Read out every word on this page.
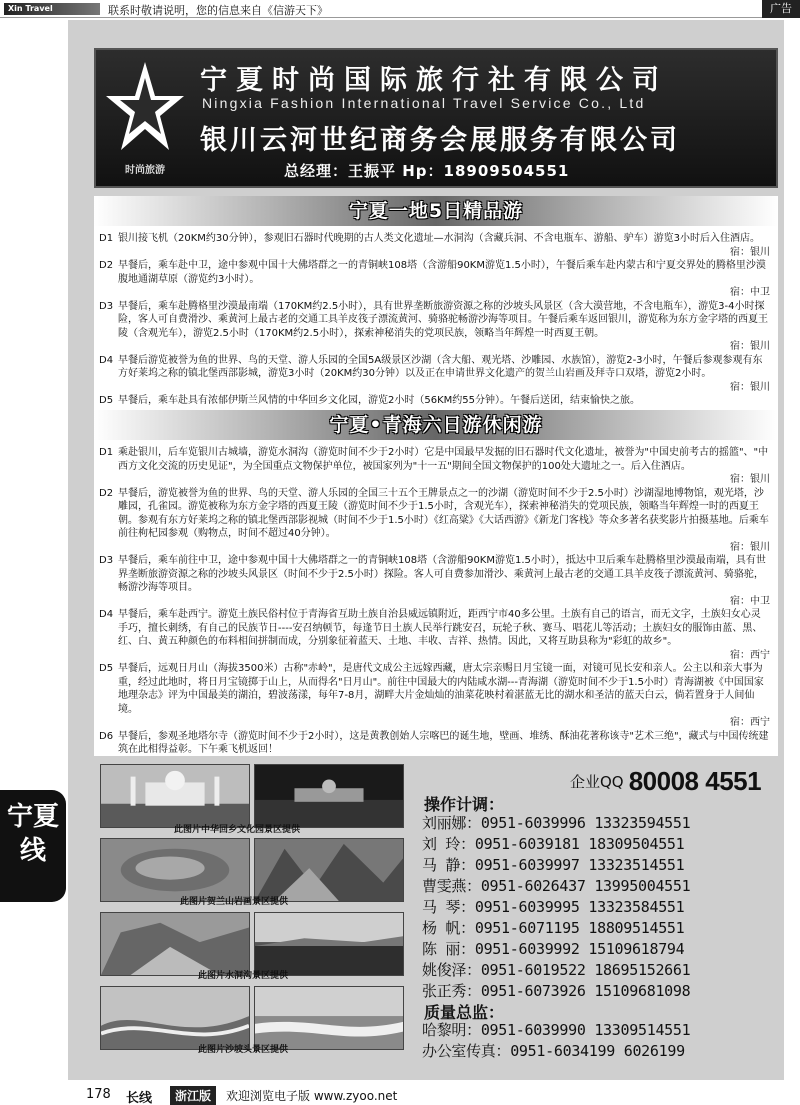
Xin Travel	联系时敬请说明，您的信息来自《信游天下》	广告
时尚旅游
宁夏时尚国际旅行社有限公司
Ningxia Fashion International Travel Service Co., Ltd
银川云河世纪商务会展服务有限公司
总经理：王振平 Hp：18909504551
宁夏一地5日精品游
D1 银川接飞机（20KM约30分钟），参观旧石器时代晚期的古人类文化遗址—水洞沟（含藏兵洞、不含电瓶车、游船、驴车）游览3小时后入住酒店。
宿：银川
D2 早餐后，乘车赴中卫，途中参观中国十大佛塔群之一的青铜峡108塔（含游船90KM游览1.5小时），午餐后乘车赴内蒙古和宁夏交界处的腾格里沙漠腹地通湖草原（游览约3小时）。
宿：中卫
D3 早餐后，乘车赴腾格里沙漠最南端（170KM约2.5小时），具有世界垄断旅游资源之称的沙坡头风景区（含大漠营地，不含电瓶车），游览3-4小时探险，客人可自费滑沙、乘黄河上最古老的交通工具羊皮筏子漂流黄河、骑骆驼畅游沙海等项目。午餐后乘车返回银川，游览称为东方金字塔的西夏王陵（含观光车），游览2.5小时（170KM约2.5小时），探索神秘消失的党项民族，领略当年辉煌一时西夏王朝。
宿：银川
D4 早餐后游览被誉为鱼的世界、鸟的天堂、游人乐园的全国5A级景区沙湖（含大船、观光塔、沙雕园、水族馆），游览2-3小时，午餐后参观参观有东方好莱坞之称的镇北堡西部影城，游览3小时（20KM约30分钟）以及正在申请世界文化遗产的贺兰山岩画及拜寺口双塔，游览2小时。
宿：银川
D5 早餐后，乘车赴具有浓郁伊斯兰风情的中华回乡文化园，游览2小时（56KM约55分钟）。午餐后送团，结束愉快之旅。
宁夏•青海六日游休闲游
D1 乘赴银川，后车览银川古城墙，游览水洞沟（游览时间不少于2小时）它是中国最早发掘的旧石器时代文化遗址，被誉为"中国史前考古的摇篮"、"中西方文化交流的历史见证"，为全国重点文物保护单位，被国家列为"十一五"期间全国文物保护的100处大遗址之一。后入住酒店。
宿：银川
D2 早餐后，游览被誉为鱼的世界、鸟的天堂、游人乐园的全国三十五个王牌景点之一的沙湖（游览时间不少于2.5小时）沙湖湿地博物馆，观光塔，沙雕园，孔雀园。游览被称为东方金字塔的西夏王陵（游览时间不少于1.5小时，含观光车），探索神秘消失的党项民族，领略当年辉煌一时的西夏王朝。参观有东方好莱坞之称的镇北堡西部影视城（时间不少于1.5小时）《红高粱》《大话西游》《新龙门客栈》等众多著名获奖影片拍摄基地。后乘车前往枸杞园参观（购物点，时间不超过40分钟）。
宿：银川
D3 早餐后，乘车前往中卫，途中参观中国十大佛塔群之一的青铜峡108塔（含游船90KM游览1.5小时），抵达中卫后乘车赴腾格里沙漠最南端，具有世界垄断旅游资源之称的沙坡头风景区（时间不少于2.5小时）探险。客人可自费参加滑沙、乘黄河上最古老的交通工具羊皮筏子漂流黄河、骑骆驼，畅游沙海等项目。
宿：中卫
D4 早餐后，乘车赴西宁。游览土族民俗村位于青海省互助土族自治县威远镇附近，距西宁市40多公里。土族有自己的语言，而无文字，土族妇女心灵手巧，擅长刺绣，有自己的民族节日----安召纳顿节，每逢节日土族人民举行跳安召，玩轮子秋、赛马、唱花儿等活动；土族妇女的服饰由蓝、黑、红、白、黄五种颜色的布料相间拼制而成，分别象征着蓝天、土地、丰收、吉祥、热情。因此，又将互助县称为"彩虹的故乡"。
宿：西宁
D5 早餐后，远观日月山（海拔3500米）古称"赤岭"，是唐代文成公主远嫁西藏，唐太宗亲赐日月宝镜一面，对镜可见长安和亲人。公主以和亲大事为重，经过此地时，将日月宝镜掷于山上，从而得名"日月山"。前往中国最大的内陆咸水湖---青海湖（游览时间不少于1.5小时）青海湖被《中国国家地理杂志》评为中国最美的湖泊，碧波荡漾，每年7-8月，湖畔大片金灿灿的油菜花映村着湛蓝无比的湖水和圣洁的蓝天白云，倘若置身于人间仙境。
宿：西宁
D6 早餐后，参观圣地塔尔寺（游览时间不少于2小时），这是黄教创始人宗喀巴的诞生地，壁画、堆绣、酥油花著称该寺"艺术三绝"，藏式与中国传统建筑在此相得益彰。下午乘飞机返回！
此图片中华回乡文化园景区提供
此图片贺兰山岩画景区提供
此图片水洞沟景区提供
此图片沙坡头景区提供
企业QQ 80008 4551
操作计调：
刘丽娜：0951-6039996 13323594551
刘 玲：0951-6039181 18309504551
马 静：0951-6039997 13323514551
曹雯燕：0951-6026437 13995004551
马 琴：0951-6039995 13323584551
杨 帆：0951-6071195 18809514551
陈 丽：0951-6039992 15109618794
姚俊泽：0951-6019522 18695152661
张正秀：0951-6073926 15109681098
质量总监：
哈黎明：0951-6039990 13309514551
办公室传真：0951-6034199 6026199
宁夏
线
178 长线	浙江版	欢迎浏览电子版 www.zyoo.net
